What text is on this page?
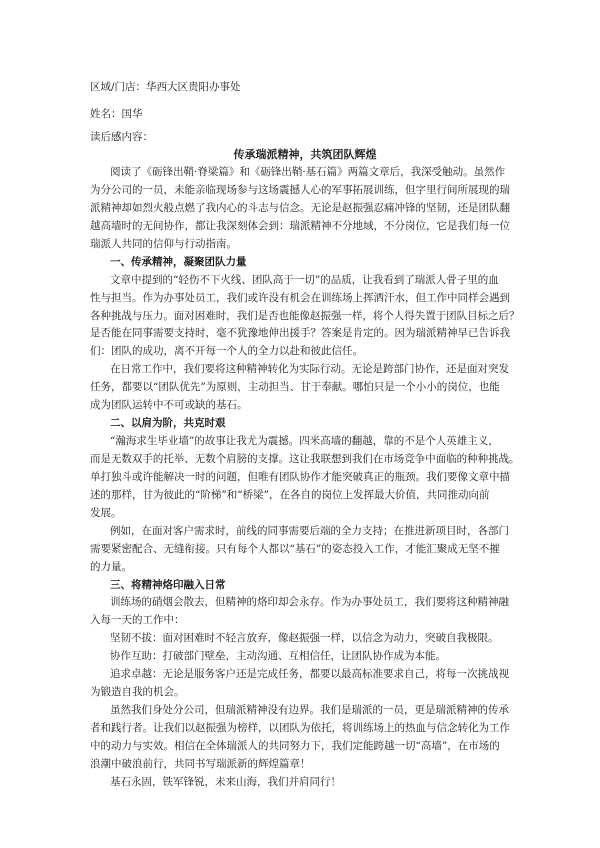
区域/门店：华西大区贵阳办事处
姓名：国华
读后感内容：
传承瑞派精神，共筑团队辉煌
阅读了《砺锋出鞘·脊梁篇》和《砺锋出鞘·基石篇》两篇文章后，我深受触动。虽然作
为分公司的一员，未能亲临现场参与这场震撼人心的军事拓展训练，但字里行间所展现的瑞
派精神却如烈火般点燃了我内心的斗志与信念。无论是赵振强忍痛冲锋的坚韧，还是团队翻
越高墙时的无间协作，都让我深刻体会到：瑞派精神不分地域，不分岗位，它是我们每一位
瑞派人共同的信仰与行动指南。
一、传承精神，凝聚团队力量
文章中提到的“轻伤不下火线、团队高于一切”的品质，让我看到了瑞派人骨子里的血
性与担当。作为办事处员工，我们或许没有机会在训练场上挥洒汗水，但工作中同样会遇到
各种挑战与压力。面对困难时，我们是否也能像赵振强一样，将个人得失置于团队目标之后？
是否能在同事需要支持时，毫不犹豫地伸出援手？答案是肯定的。因为瑞派精神早已告诉我
们：团队的成功，离不开每一个人的全力以赴和彼此信任。
在日常工作中，我们要将这种精神转化为实际行动。无论是跨部门协作，还是面对突发
任务，都要以“团队优先”为原则，主动担当、甘于奉献。哪怕只是一个小小的岗位，也能
成为团队运转中不可或缺的基石。
二、以肩为阶，共克时艰
“瀚海求生毕业墙”的故事让我尤为震撼。四米高墙的翻越，靠的不是个人英雄主义，
而是无数双手的托举、无数个肩膀的支撑。这让我联想到我们在市场竞争中面临的种种挑战。
单打独斗或许能解决一时的问题，但唯有团队协作才能突破真正的瓶颈。我们要像文章中描
述的那样，甘为彼此的“阶梯”和“桥梁”，在各自的岗位上发挥最大价值，共同推动向前
发展。
例如，在面对客户需求时，前线的同事需要后端的全力支持；在推进新项目时，各部门
需要紧密配合、无缝衔接。只有每个人都以“基石”的姿态投入工作，才能汇聚成无坚不摧
的力量。
三、将精神烙印融入日常
训练场的硝烟会散去，但精神的烙印却会永存。作为办事处员工，我们要将这种精神融
入每一天的工作中：
坚韧不拔：面对困难时不轻言放弃，像赵振强一样，以信念为动力，突破自我极限。
协作互助：打破部门壁垒，主动沟通、互相信任，让团队协作成为本能。
追求卓越：无论是服务客户还是完成任务，都要以最高标准要求自己，将每一次挑战视
为锻造自我的机会。
虽然我们身处分公司，但瑞派精神没有边界。我们是瑞派的一员，更是瑞派精神的传承
者和践行者。让我们以赵振强为榜样，以团队为依托，将训练场上的热血与信念转化为工作
中的动力与实效。相信在全体瑞派人的共同努力下，我们定能跨越一切“高墙”，在市场的
浪潮中破浪前行，共同书写瑞派新的辉煌篇章！
基石永固，铁军锋锐，未来山海，我们并肩同行！
